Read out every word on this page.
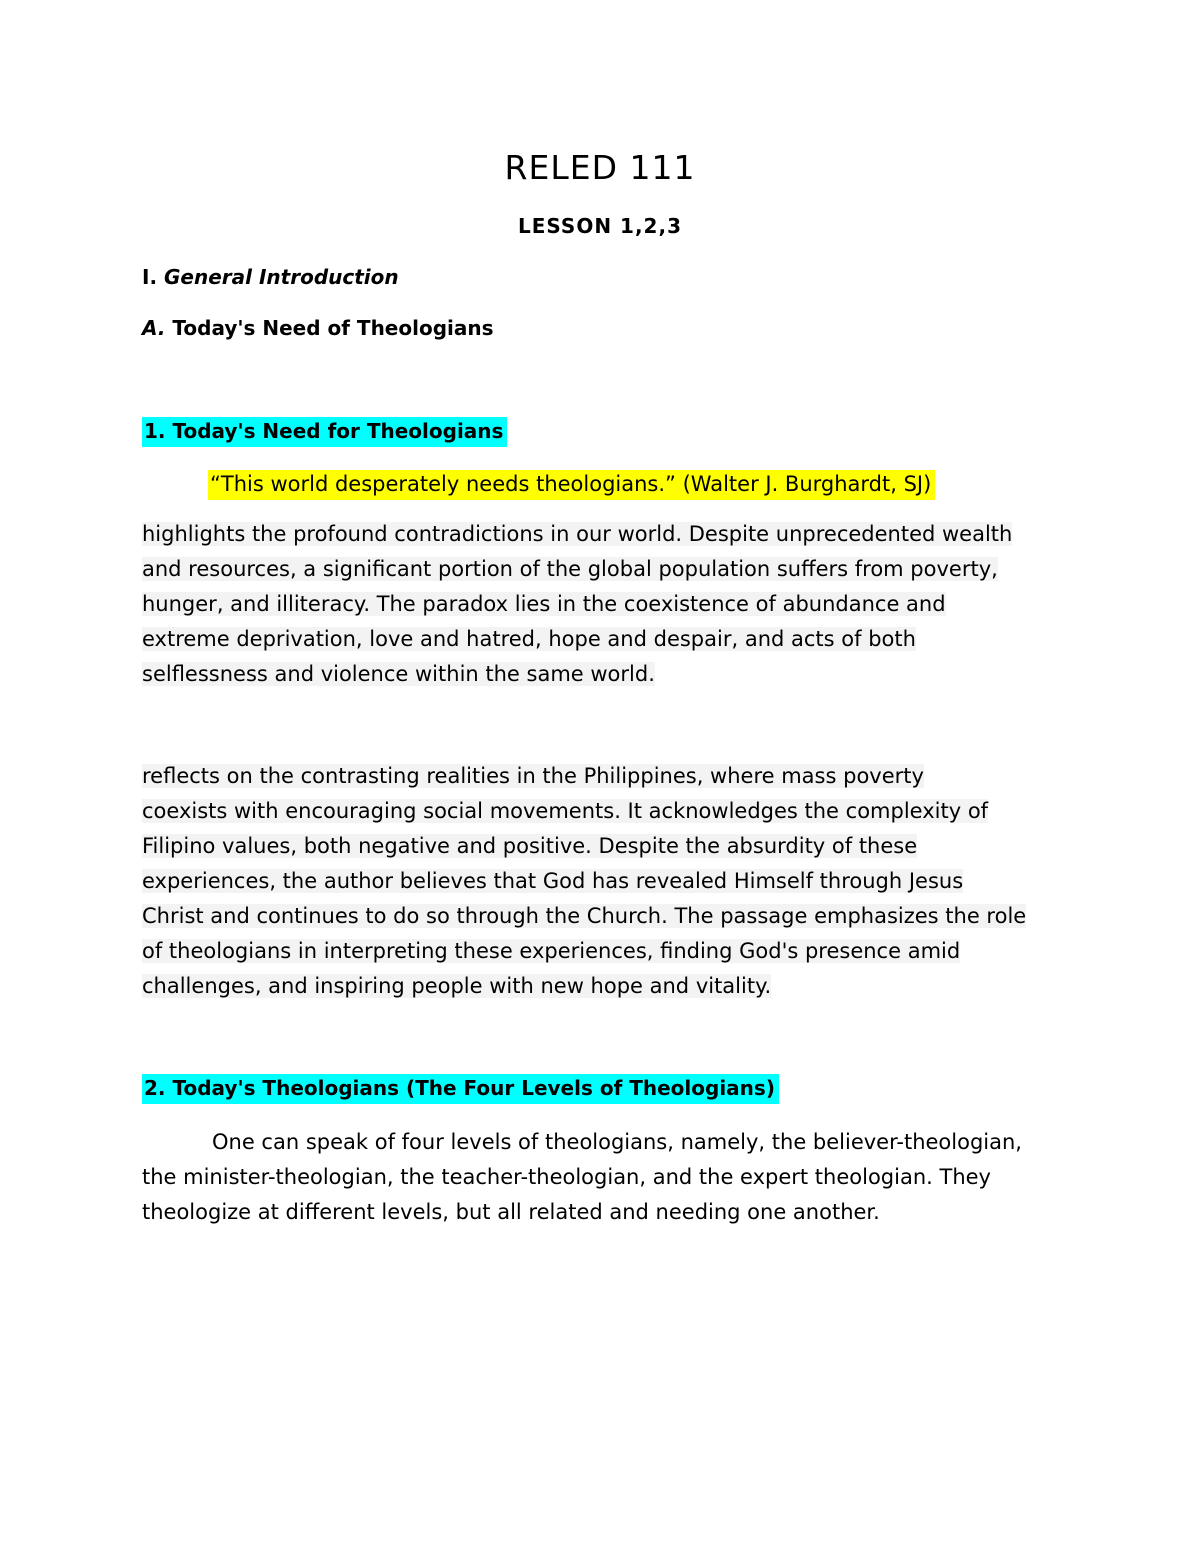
RELED 111
LESSON 1,2,3
I. General Introduction
A. Today's Need of Theologians
1. Today's Need for Theologians
“This world desperately needs theologians.” (Walter J. Burghardt, SJ)
highlights the profound contradictions in our world. Despite unprecedented wealth
and resources, a significant portion of the global population suffers from poverty,
hunger, and illiteracy. The paradox lies in the coexistence of abundance and
extreme deprivation, love and hatred, hope and despair, and acts of both
selflessness and violence within the same world.
reflects on the contrasting realities in the Philippines, where mass poverty
coexists with encouraging social movements. It acknowledges the complexity of
Filipino values, both negative and positive. Despite the absurdity of these
experiences, the author believes that God has revealed Himself through Jesus
Christ and continues to do so through the Church. The passage emphasizes the role
of theologians in interpreting these experiences, finding God's presence amid
challenges, and inspiring people with new hope and vitality.
2. Today's Theologians (The Four Levels of Theologians)
One can speak of four levels of theologians, namely, the believer-theologian,
the minister-theologian, the teacher-theologian, and the expert theologian. They
theologize at different levels, but all related and needing one another.
